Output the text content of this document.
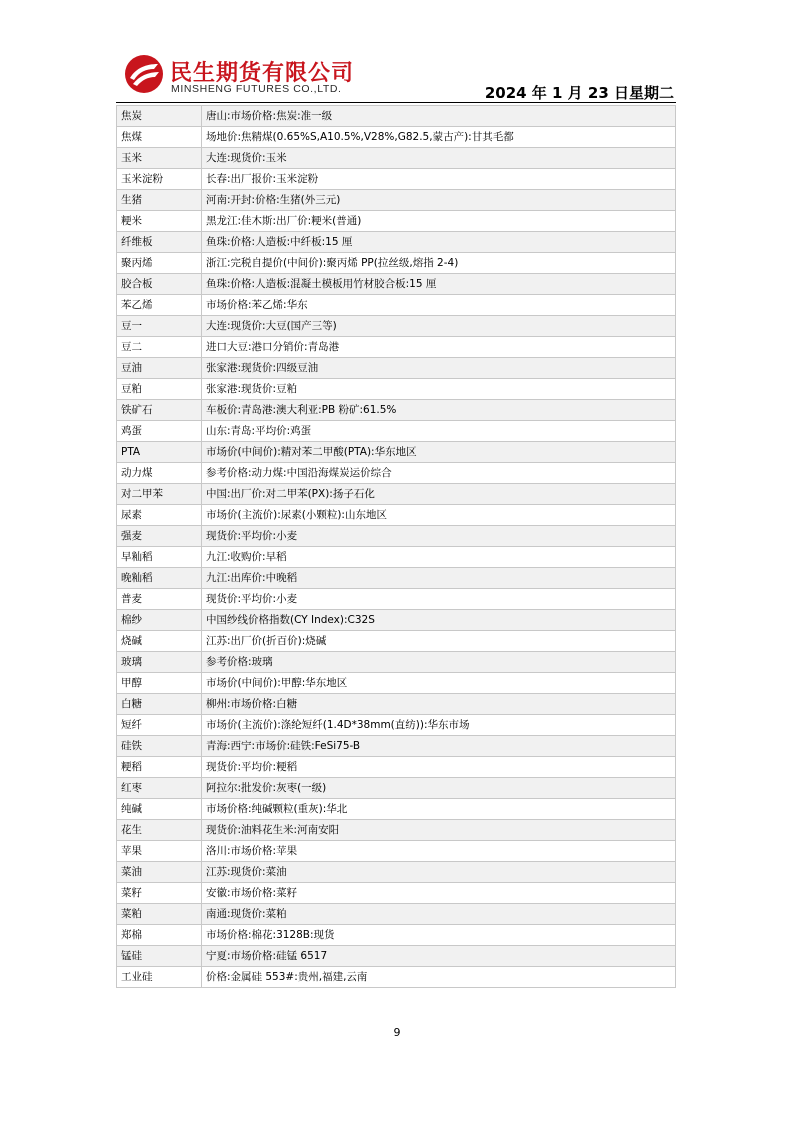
民生期货有限公司
MINSHENG FUTURES CO.,LTD.	2024 年 1 月 23 日星期二
焦炭	唐山:市场价格:焦炭:准一级
焦煤	场地价:焦精煤(0.65%S,A10.5%,V28%,G82.5,蒙古产):甘其毛都
玉米	大连:现货价:玉米
玉米淀粉	长春:出厂报价:玉米淀粉
生猪	河南:开封:价格:生猪(外三元)
粳米	黑龙江:佳木斯:出厂价:粳米(普通)
纤维板	鱼珠:价格:人造板:中纤板:15 厘
聚丙烯	浙江:完税自提价(中间价):聚丙烯 PP(拉丝级,熔指 2-4)
胶合板	鱼珠:价格:人造板:混凝土模板用竹材胶合板:15 厘
苯乙烯	市场价格:苯乙烯:华东
豆一	大连:现货价:大豆(国产三等)
豆二	进口大豆:港口分销价:青岛港
豆油	张家港:现货价:四级豆油
豆粕	张家港:现货价:豆粕
铁矿石	车板价:青岛港:澳大利亚:PB 粉矿:61.5%
鸡蛋	山东:青岛:平均价:鸡蛋
PTA	市场价(中间价):精对苯二甲酸(PTA):华东地区
动力煤	参考价格:动力煤:中国沿海煤炭运价综合
对二甲苯	中国:出厂价:对二甲苯(PX):扬子石化
尿素	市场价(主流价):尿素(小颗粒):山东地区
强麦	现货价:平均价:小麦
早籼稻	九江:收购价:早稻
晚籼稻	九江:出库价:中晚稻
普麦	现货价:平均价:小麦
棉纱	中国纱线价格指数(CY Index):C32S
烧碱	江苏:出厂价(折百价):烧碱
玻璃	参考价格:玻璃
甲醇	市场价(中间价):甲醇:华东地区
白糖	柳州:市场价格:白糖
短纤	市场价(主流价):涤纶短纤(1.4D*38mm(直纺)):华东市场
硅铁	青海:西宁:市场价:硅铁:FeSi75-B
粳稻	现货价:平均价:粳稻
红枣	阿拉尔:批发价:灰枣(一级)
纯碱	市场价格:纯碱颗粒(重灰):华北
花生	现货价:油料花生米:河南安阳
苹果	洛川:市场价格:苹果
菜油	江苏:现货价:菜油
菜籽	安徽:市场价格:菜籽
菜粕	南通:现货价:菜粕
郑棉	市场价格:棉花:3128B:现货
锰硅	宁夏:市场价格:硅锰 6517
工业硅	价格:金属硅 553#:贵州,福建,云南
9
